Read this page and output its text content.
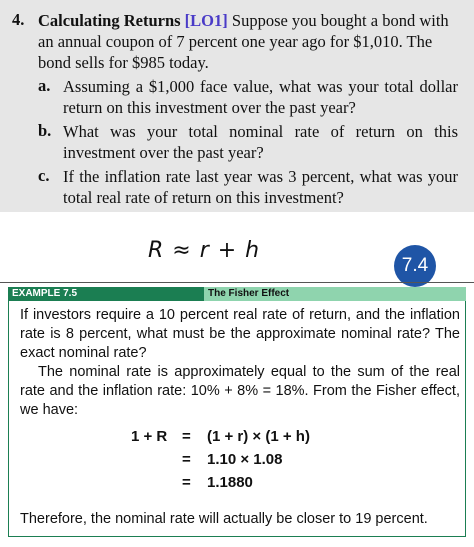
4. Calculating Returns [LO1] Suppose you bought a bond with an annual coupon of 7 percent one year ago for $1,010. The bond sells for $985 today.
a. Assuming a $1,000 face value, what was your total dollar return on this investment over the past year?
b. What was your total nominal rate of return on this investment over the past year?
c. If the inflation rate last year was 3 percent, what was your total real rate of return on this investment?
R ≈ r + h
7.4
EXAMPLE 7.5	The Fisher Effect
If investors require a 10 percent real rate of return, and the inflation rate is 8 percent, what must be the approximate nominal rate? The exact nominal rate?
The nominal rate is approximately equal to the sum of the real rate and the inflation rate: 10% + 8% = 18%. From the Fisher effect, we have:
1 + R = (1 + r) × (1 + h)
= 1.10 × 1.08
= 1.1880
Therefore, the nominal rate will actually be closer to 19 percent.
